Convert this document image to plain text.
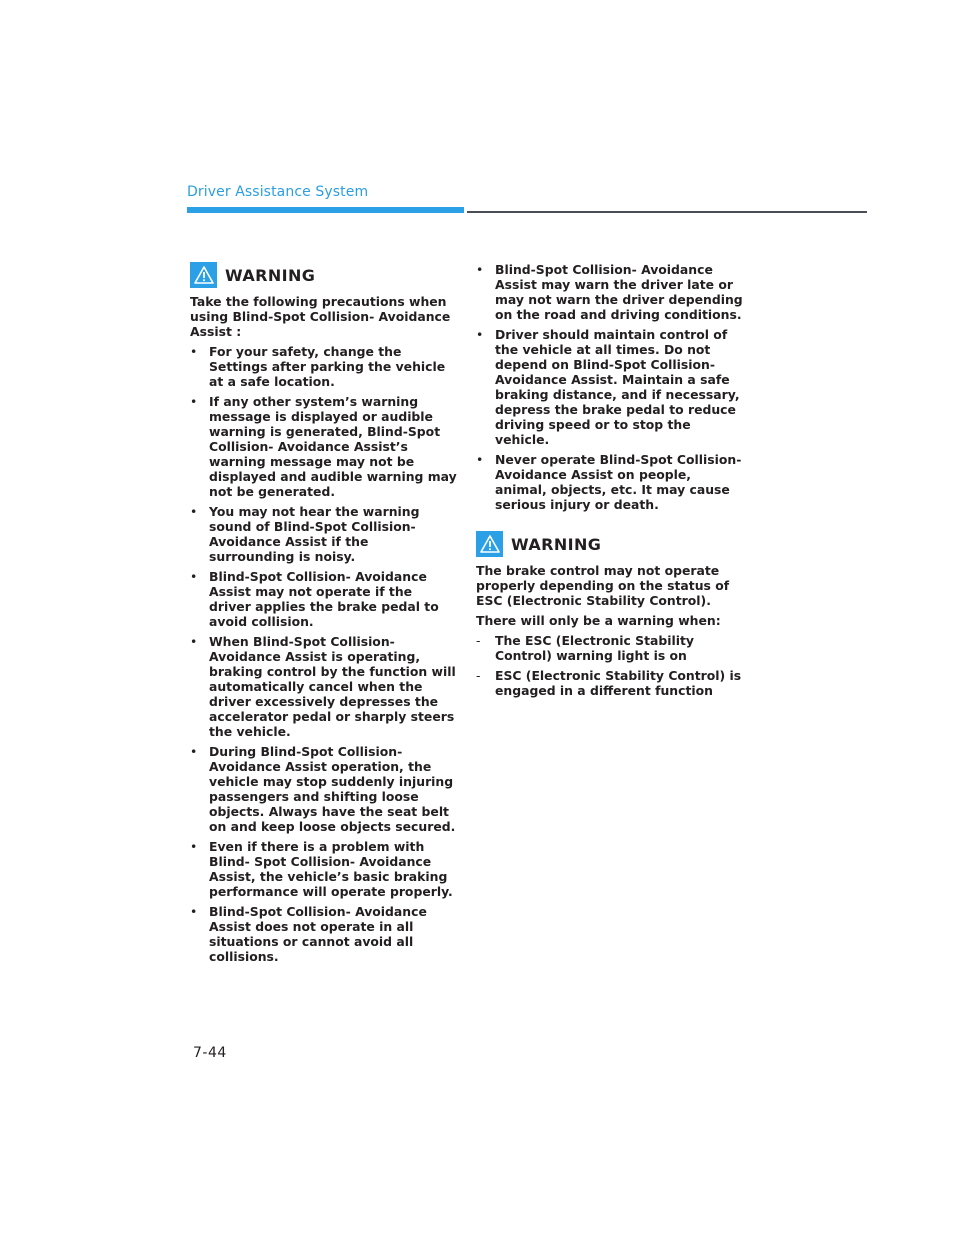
Driver Assistance System
WARNING

Take the following precautions when using Blind-Spot Collision- Avoidance Assist :

• For your safety, change the Settings after parking the vehicle at a safe location.
• If any other system’s warning message is displayed or audible warning is generated, Blind-Spot Collision- Avoidance Assist’s warning message may not be displayed and audible warning may not be generated.
• You may not hear the warning sound of Blind-Spot Collision- Avoidance Assist if the surrounding is noisy.
• Blind-Spot Collision- Avoidance Assist may not operate if the driver applies the brake pedal to avoid collision.
• When Blind-Spot Collision- Avoidance Assist is operating, braking control by the function will automatically cancel when the driver excessively depresses the accelerator pedal or sharply steers the vehicle.
• During Blind-Spot Collision- Avoidance Assist operation, the vehicle may stop suddenly injuring passengers and shifting loose objects. Always have the seat belt on and keep loose objects secured.
• Even if there is a problem with Blind- Spot Collision- Avoidance Assist, the vehicle’s basic braking performance will operate properly.
• Blind-Spot Collision- Avoidance Assist does not operate in all situations or cannot avoid all collisions.
• Blind-Spot Collision- Avoidance Assist may warn the driver late or may not warn the driver depending on the road and driving conditions.
• Driver should maintain control of the vehicle at all times. Do not depend on Blind-Spot Collision- Avoidance Assist. Maintain a safe braking distance, and if necessary, depress the brake pedal to reduce driving speed or to stop the vehicle.
• Never operate Blind-Spot Collision- Avoidance Assist on people, animal, objects, etc. It may cause serious injury or death.
WARNING

The brake control may not operate properly depending on the status of ESC (Electronic Stability Control).

There will only be a warning when:

- The ESC (Electronic Stability Control) warning light is on
- ESC (Electronic Stability Control) is engaged in a different function
7-44
